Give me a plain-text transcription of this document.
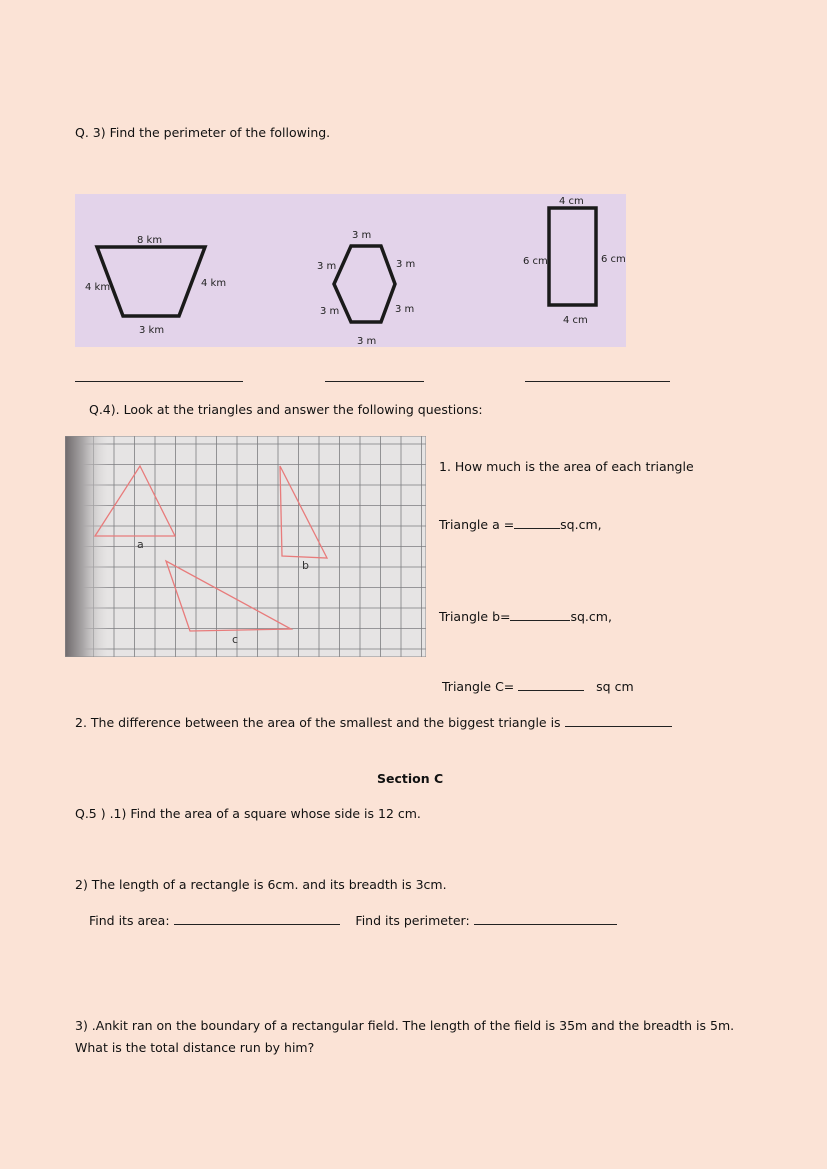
Q. 3) Find the perimeter of the following.
8 km
4 km	4 km
3 km
3 m
3 m	3 m
3 m	3 m
3 m
4 cm
6 cm	6 cm
4 cm
Q.4). Look at the triangles and answer the following questions:
a
b
c
1. How much is the area of each triangle
Triangle a =	sq.cm,
Triangle b=	sq.cm,
Triangle C=	sq cm
2. The difference between the area of the smallest and the biggest triangle is
Section C
Q.5 ) .1) Find the area of a square whose side is 12 cm.
2) The length of a rectangle is 6cm. and its breadth is 3cm.
Find its area:	Find its perimeter:
3) .Ankit ran on the boundary of a rectangular field. The length of the field is 35m and the breadth is 5m.
What is the total distance run by him?
